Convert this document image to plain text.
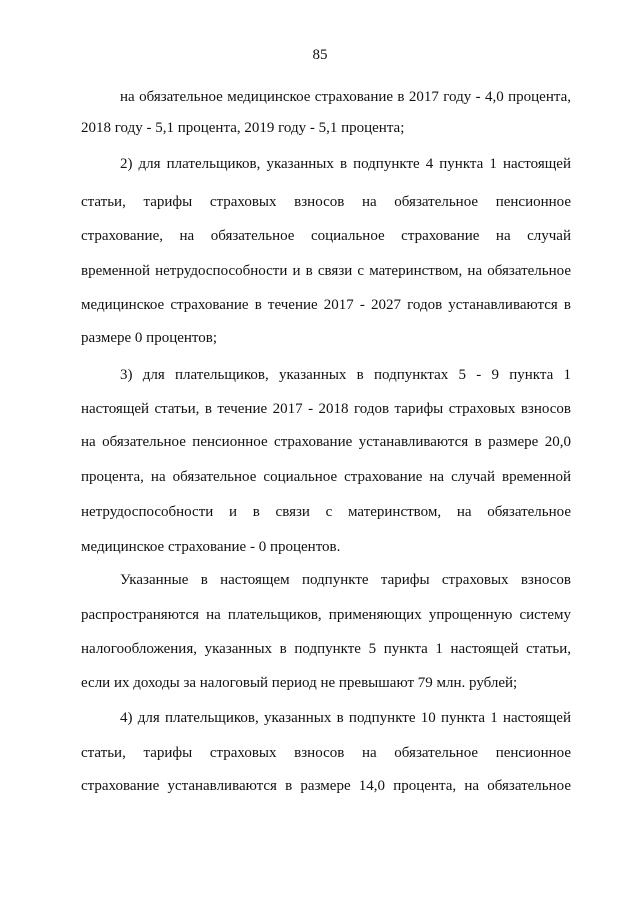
85
на обязательное медицинское страхование в 2017 году - 4,0 процента,
2018 году - 5,1 процента, 2019 году - 5,1 процента;
2) для плательщиков, указанных в подпункте 4 пункта 1 настоящей
статьи, тарифы страховых взносов на обязательное пенсионное
страхование, на обязательное социальное страхование на случай
временной нетрудоспособности и в связи с материнством, на обязательное
медицинское страхование в течение 2017 - 2027 годов устанавливаются в
размере 0 процентов;
3) для плательщиков, указанных в подпунктах 5 - 9 пункта 1
настоящей статьи, в течение 2017 - 2018 годов тарифы страховых взносов
на обязательное пенсионное страхование устанавливаются в размере 20,0
процента, на обязательное социальное страхование на случай временной
нетрудоспособности и в связи с материнством, на обязательное
медицинское страхование - 0 процентов.
Указанные в настоящем подпункте тарифы страховых взносов
распространяются на плательщиков, применяющих упрощенную систему
налогообложения, указанных в подпункте 5 пункта 1 настоящей статьи,
если их доходы за налоговый период не превышают 79 млн. рублей;
4) для плательщиков, указанных в подпункте 10 пункта 1 настоящей
статьи, тарифы страховых взносов на обязательное пенсионное
страхование устанавливаются в размере 14,0 процента, на обязательное
